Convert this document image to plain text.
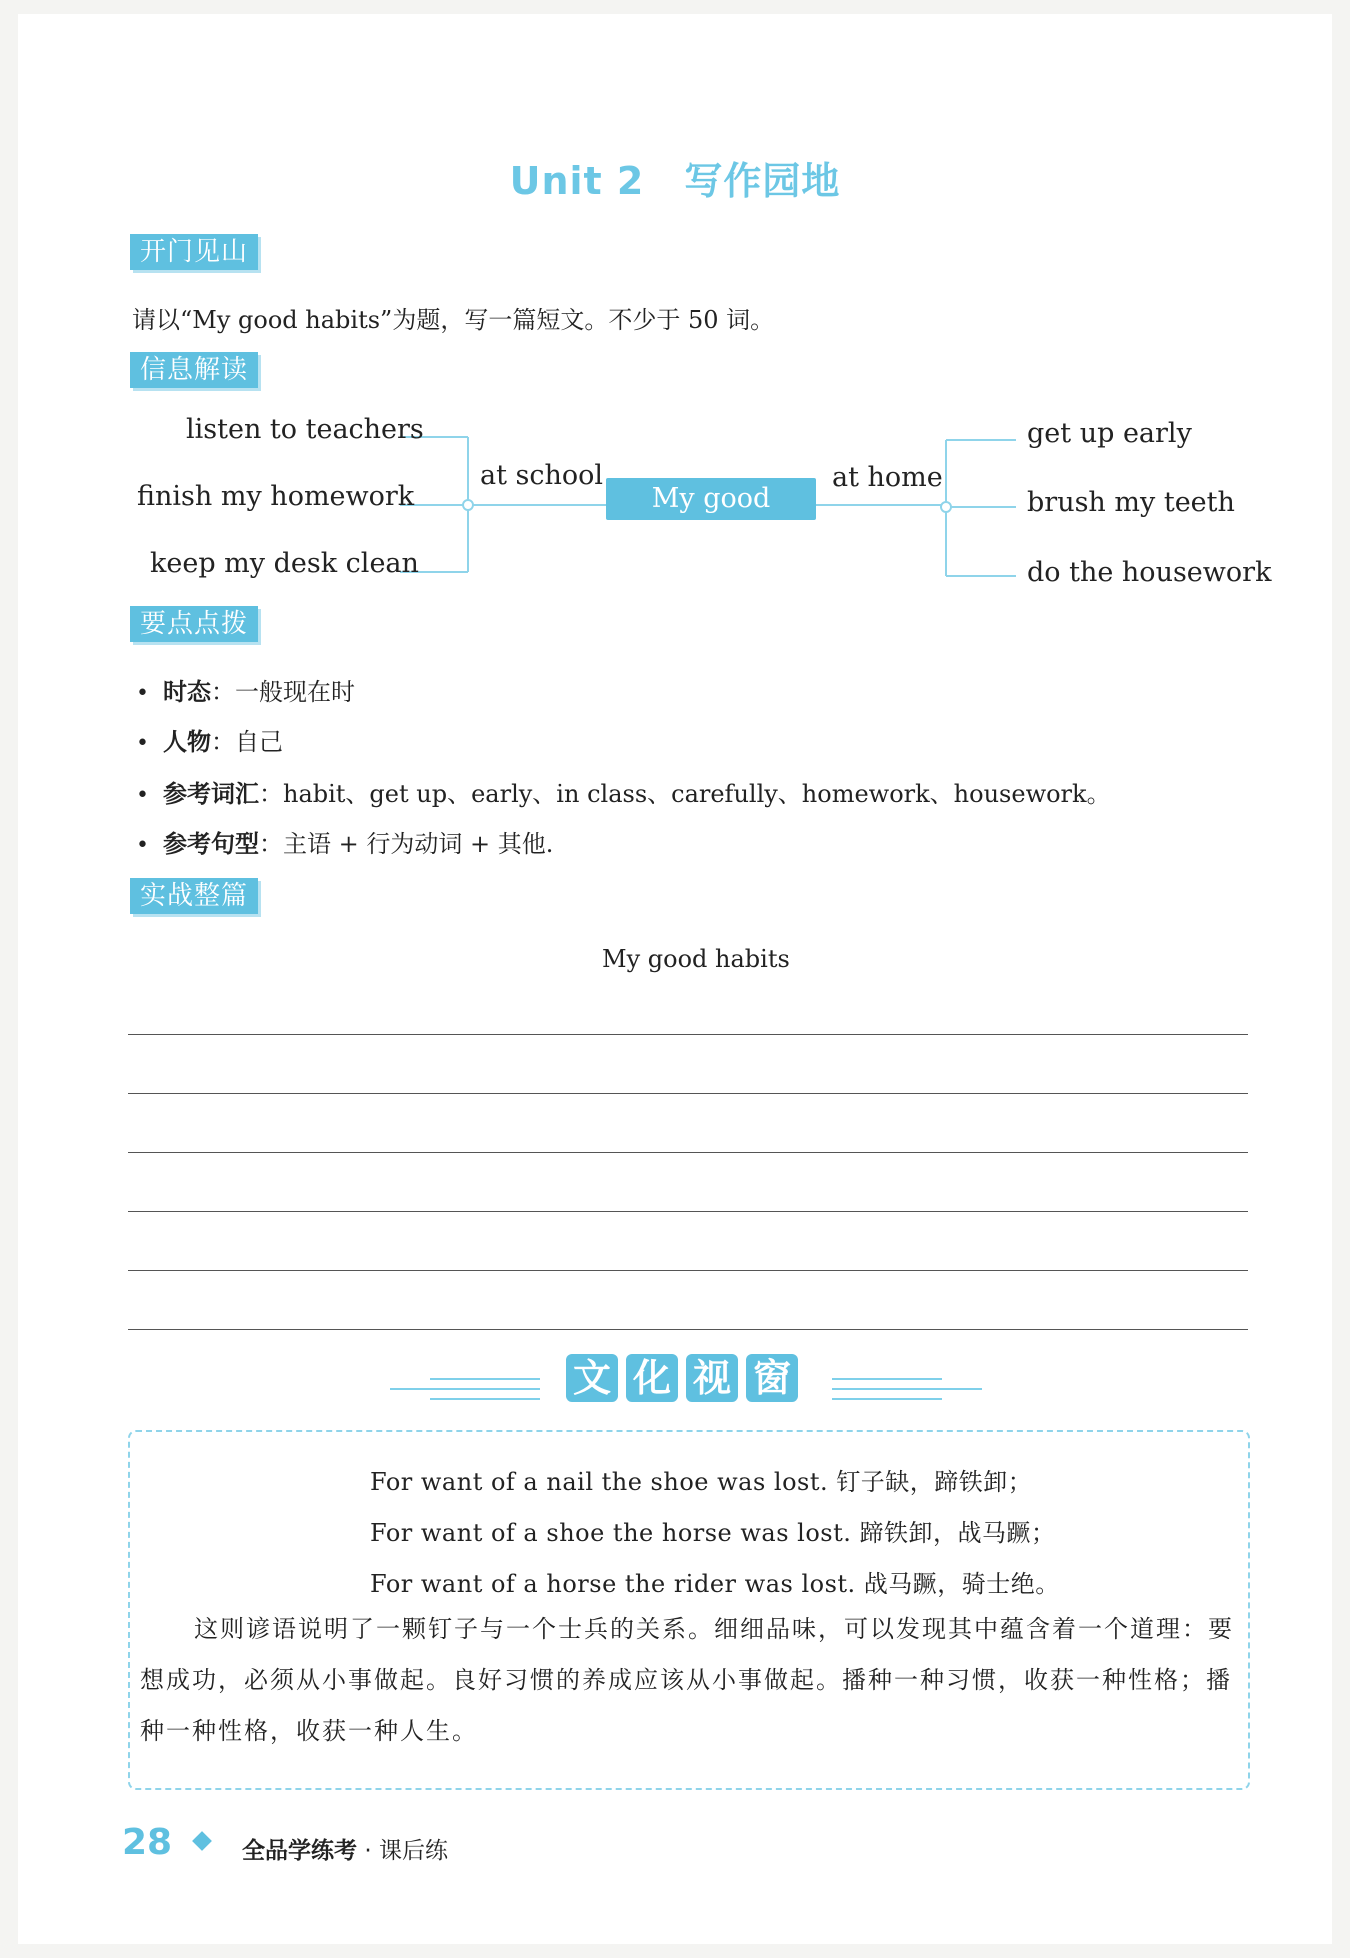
Unit 2 写作园地
开门见山
请以“My good habits”为题，写一篇短文。不少于 50 词。
信息解读
listen to teachers
finish my homework
keep my desk clean
at school
My good habits
at home
get up early
brush my teeth
do the housework
要点点拨
• 时态：一般现在时
• 人物：自己
• 参考词汇：habit、get up、early、in class、carefully、homework、housework。
• 参考句型：主语 + 行为动词 + 其他.
实战整篇
My good habits
文 化 视 窗
For want of a nail the shoe was lost. 钉子缺，蹄铁卸；
For want of a shoe the horse was lost. 蹄铁卸，战马蹶；
For want of a horse the rider was lost. 战马蹶，骑士绝。
这则谚语说明了一颗钉子与一个士兵的关系。细细品味，可以发现其中蕴含着一个道理：要想成功，必须从小事做起。良好习惯的养成应该从小事做起。播种一种习惯，收获一种性格；播种一种性格，收获一种人生。
28	全品学练考 · 课后练
